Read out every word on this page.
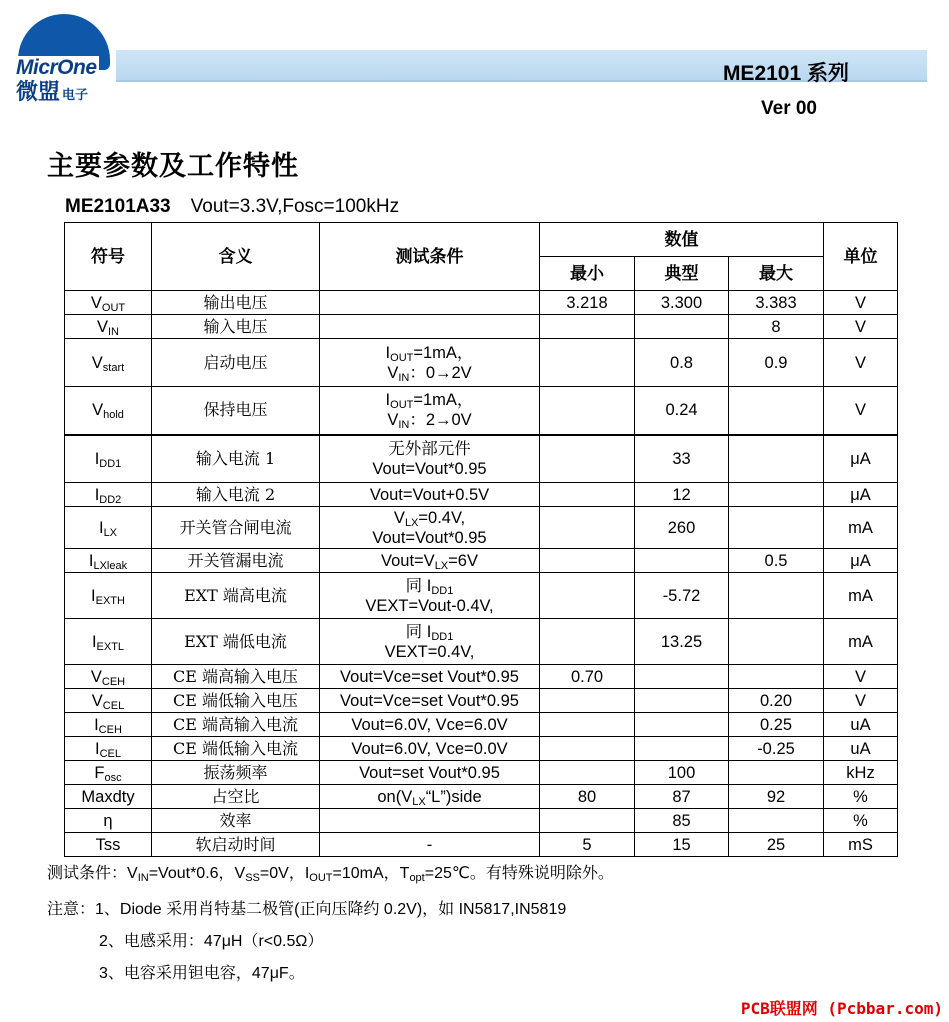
MicrOne
微盟 电子
ME2101 系列
Ver 00
主要参数及工作特性
ME2101A33 Vout=3.3V,Fosc=100kHz
符号	含义	测试条件	数值			单位
			最小	典型	最大	
$V_{OUT}$	输出电压		3.218	3.300	3.383	V
$V_{IN}$	输入电压				8	V
$V_{start}$	启动电压	$I_{OUT}=1mA$，
$V_{IN}$：0→2V		0.8	0.9	V
$V_{hold}$	保持电压	$I_{OUT}=1mA$，
$V_{IN}$：2→0V		0.24		V
$I_{DD1}$	输入电流 1	无外部元件
Vout=Vout*0.95		33		μA
$I_{DD2}$	输入电流 2	Vout=Vout+0.5V		12		μA
$I_{LX}$	开关管合闸电流	$V_{LX}=0.4V$,
Vout=Vout*0.95		260		mA
$I_{LXleak}$	开关管漏电流	$Vout=V_{LX}=6V$			0.5	μA
$I_{EXTH}$	EXT 端高电流	同 $I_{DD1}$
VEXT=Vout-0.4V,		-5.72		mA
$I_{EXTL}$	EXT 端低电流	同 $I_{DD1}$
VEXT=0.4V,		13.25		mA
$V_{CEH}$	CE 端高输入电压	Vout=Vce=set Vout*0.95	0.70			V
$V_{CEL}$	CE 端低输入电压	Vout=Vce=set Vout*0.95			0.20	V
$I_{CEH}$	CE 端高输入电流	Vout=6.0V, Vce=6.0V			0.25	uA
$I_{CEL}$	CE 端低输入电流	Vout=6.0V, Vce=0.0V			-0.25	uA
$F_{osc}$	振荡频率	Vout=set Vout*0.95		100		kHz
Maxdty	占空比	$on(V_{LX}“L”)side$	80	87	92	%
η	效率			85		%
Tss	软启动时间	-	5	15	25	mS
测试条件：$V_{IN}=Vout*0.6$，$V_{SS}=0V$，$I_{OUT}=10mA$，$T_{opt}=25℃$。有特殊说明除外。
注意：1、Diode 采用肖特基二极管(正向压降约 0.2V)，如 IN5817,IN5819
2、电感采用：47μH（r<0.5Ω）
3、电容采用钽电容，47μF。
PCB联盟网 (Pcbbar.com)
